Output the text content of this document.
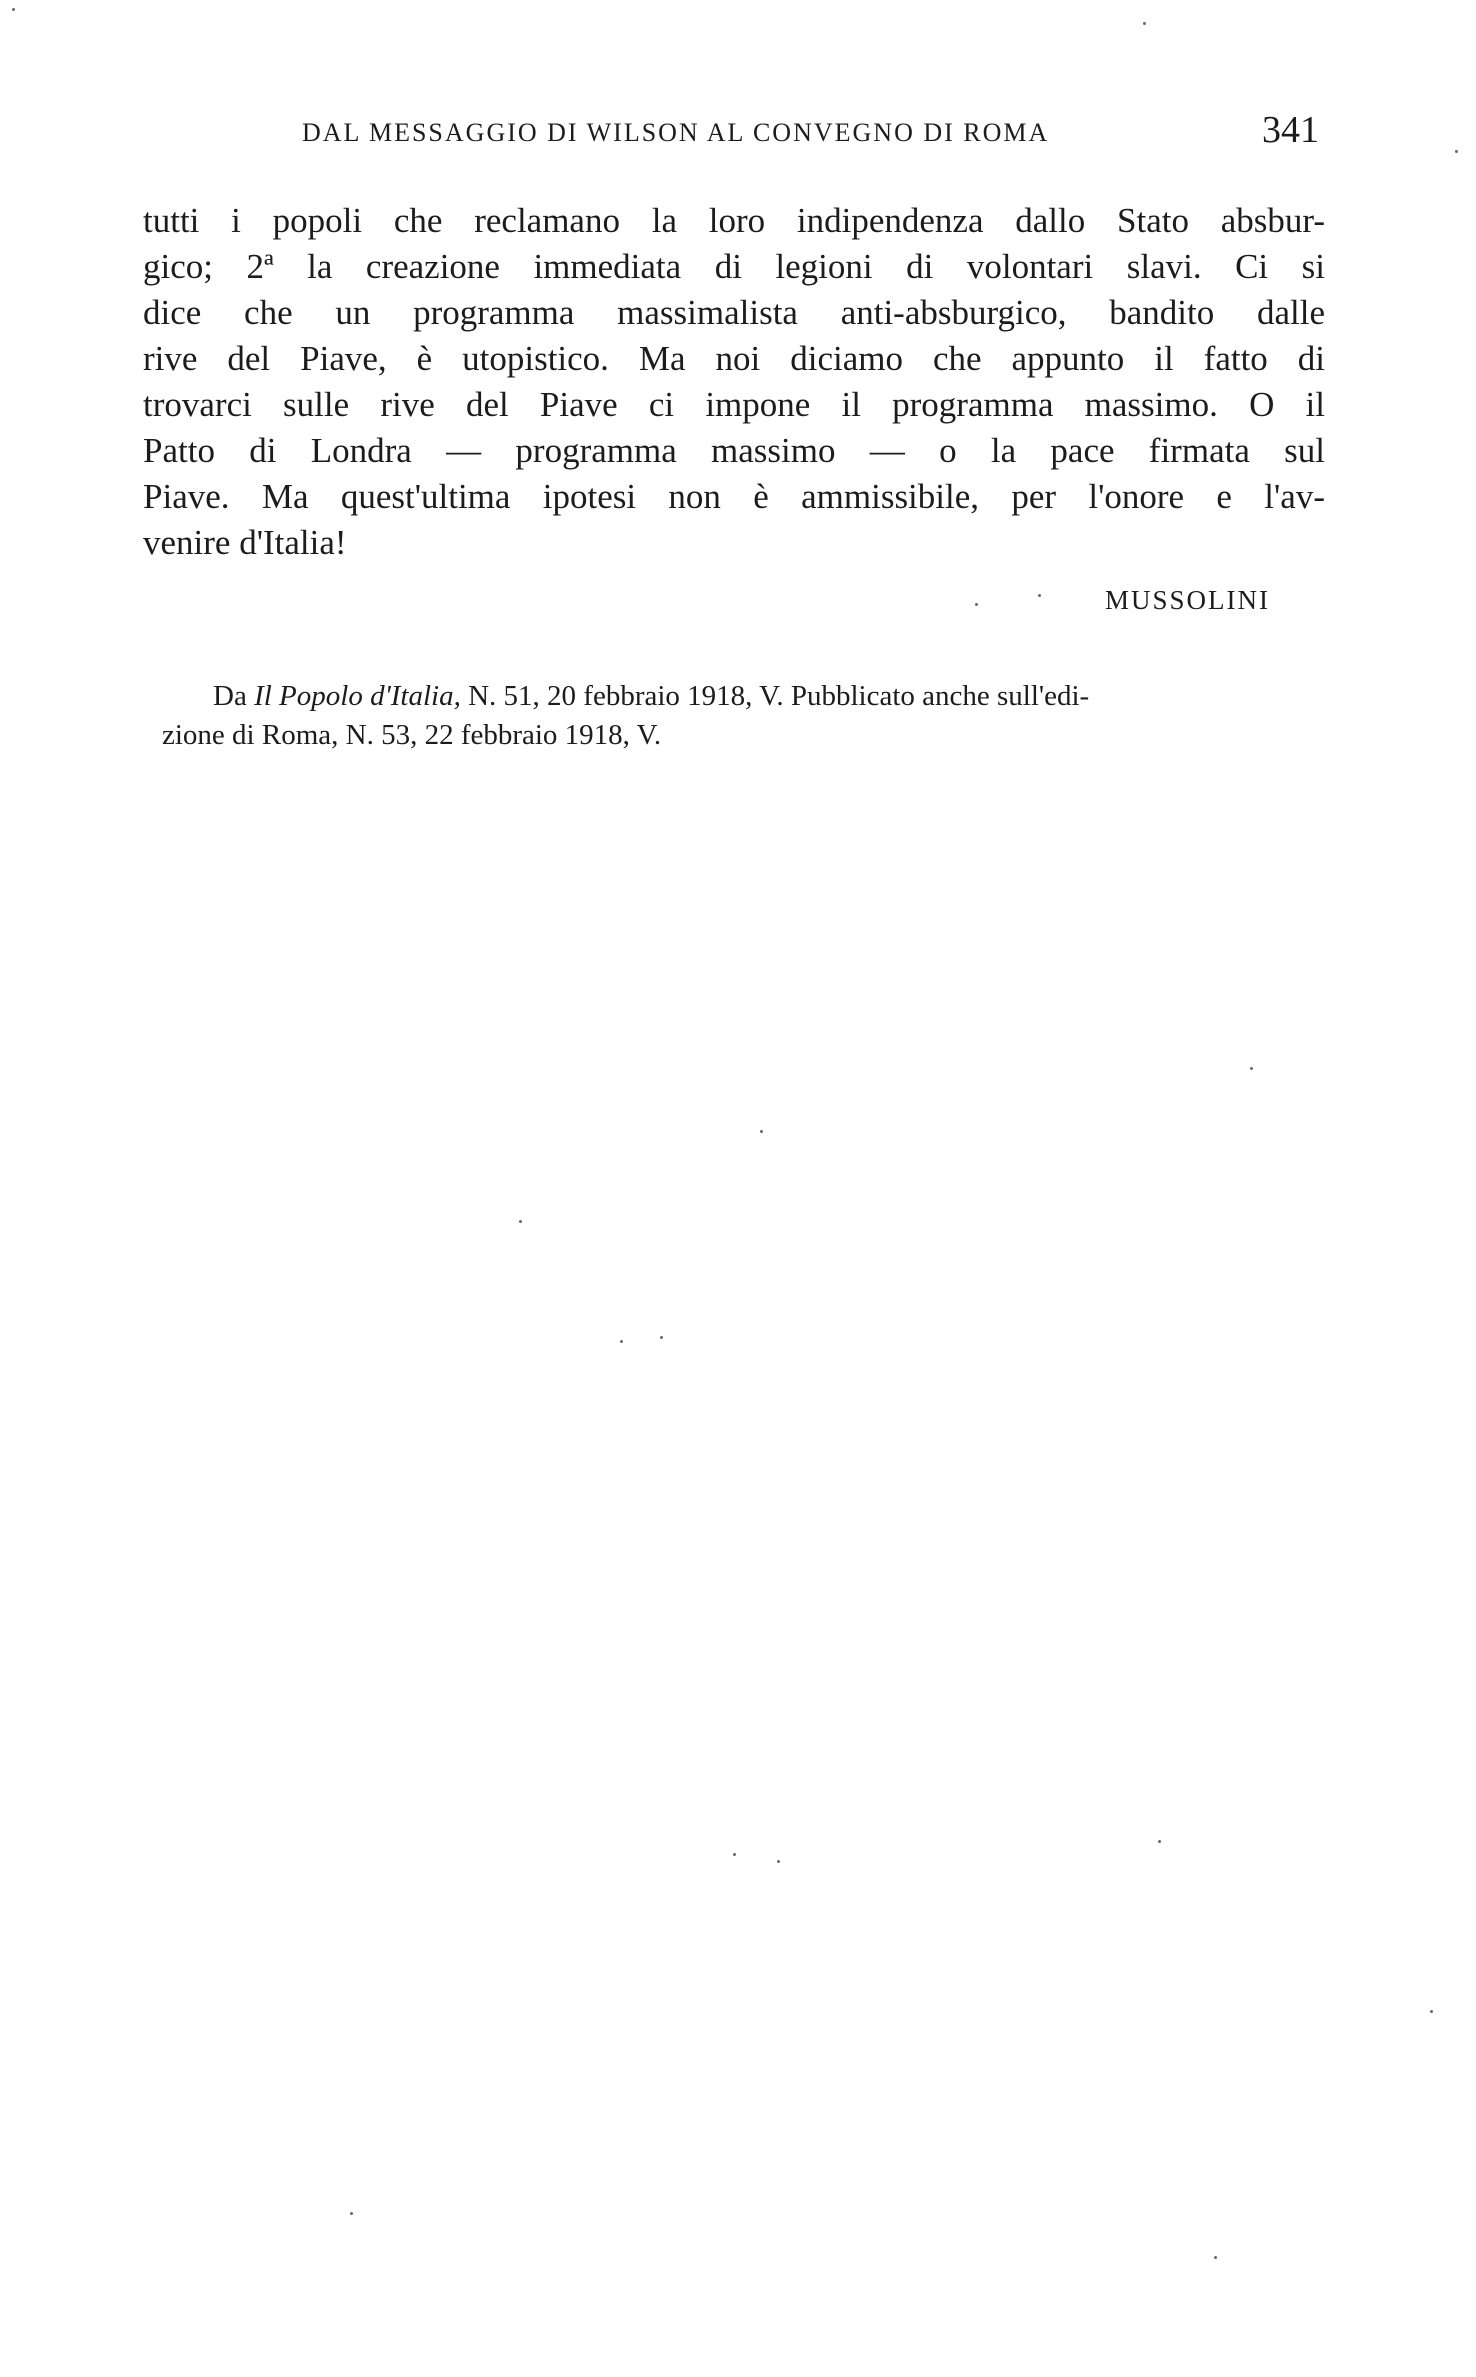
DAL MESSAGGIO DI WILSON AL CONVEGNO DI ROMA	341
tutti i popoli che reclamano la loro indipendenza dallo Stato absbur-
gico; 2ª la creazione immediata di legioni di volontari slavi. Ci si
dice che un programma massimalista anti-absburgico, bandito dalle
rive del Piave, è utopistico. Ma noi diciamo che appunto il fatto di
trovarci sulle rive del Piave ci impone il programma massimo. O il
Patto di Londra — programma massimo — o la pace firmata sul
Piave. Ma quest'ultima ipotesi non è ammissibile, per l'onore e l'av-
venire d'Italia!
MUSSOLINI
Da Il Popolo d'Italia, N. 51, 20 febbraio 1918, V. Pubblicato anche sull'edi-
zione di Roma, N. 53, 22 febbraio 1918, V.
